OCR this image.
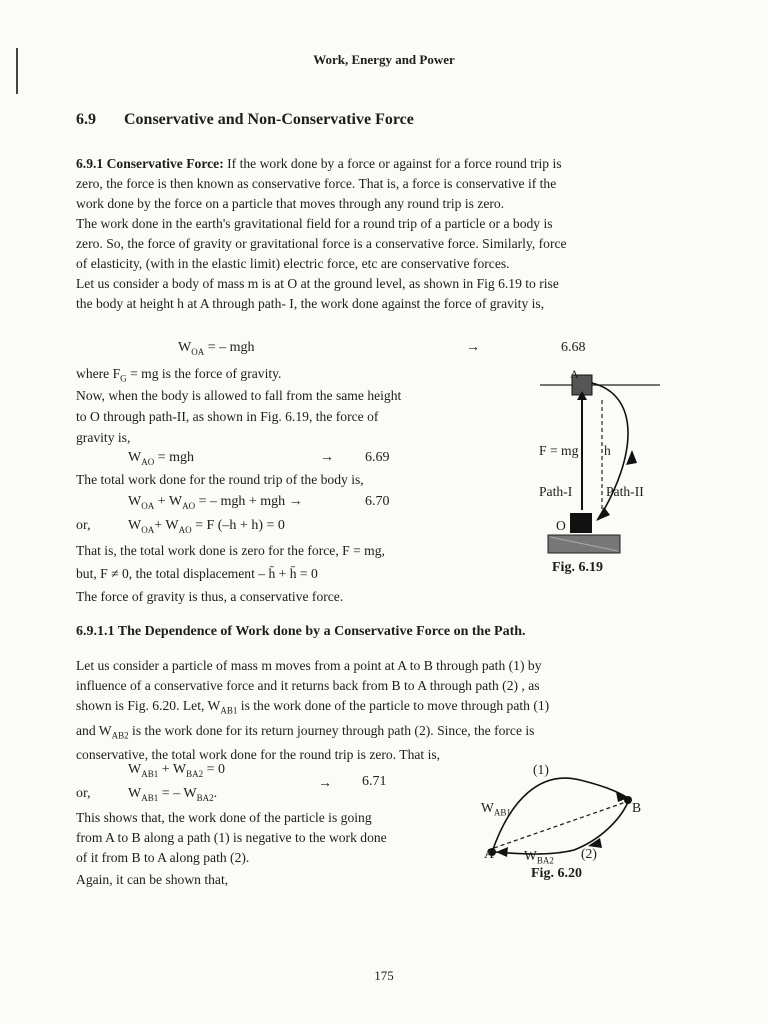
Work, Energy and Power
6.9 Conservative and Non-Conservative Force
6.9.1 Conservative Force: If the work done by a force or against for a force round trip is
zero, the force is then known as conservative force. That is, a force is conservative if the
work done by the force on a particle that moves through any round trip is zero.
The work done in the earth's gravitational field for a round trip of a particle or a body is
zero. So, the force of gravity or gravitational force is a conservative force. Similarly, force
of elasticity, (with in the elastic limit) electric force, etc are conservative forces.
Let us consider a body of mass m is at O at the ground level, as shown in Fig 6.19 to rise
the body at height h at A through path- I, the work done against the force of gravity is,
$W_{OA}$ = – mgh	→	6.68
where $F_G$ = mg is the force of gravity.
Now, when the body is allowed to fall from the same height
to O through path-II, as shown in Fig. 6.19, the force of
gravity is,
$W_{AO}$ = mgh	→ 6.69
The total work done for the round trip of the body is,
$W_{OA} + W_{AO}$ = – mgh + mgh →	6.70
or,	$W_{OA}+ W_{AO} = F$ (–h + h) = 0
That is, the total work done is zero for the force, F = mg,
but, F ≠ 0, the total displacement – h̄ + h̄ = 0
The force of gravity is thus, a conservative force.
A
F = mg h
Path-I Path-II
O
Fig. 6.19
6.9.1.1 The Dependence of Work done by a Conservative Force on the Path.
Let us consider a particle of mass m moves from a point at A to B through path (1) by
influence of a conservative force and it returns back from B to A through path (2) , as
shown is Fig. 6.20. Let, $W_{AB1}$ is the work done of the particle to move through path (1)
and $W_{AB2}$ is the work done for its return journey through path (2). Since, the force is
conservative, the total work done for the round trip is zero. That is,
$W_{AB1} + W_{BA2} = 0$
→ 6.71
or,	$W_{AB1}$ = – $W_{BA2}$.
This shows that, the work done of the particle is going
from A to B along a path (1) is negative to the work done
of it from B to A along path (2).
Again, it can be shown that,
(1)
$W_{AB1}$	B
A $W_{BA2}$ (2)
Fig. 6.20
175
